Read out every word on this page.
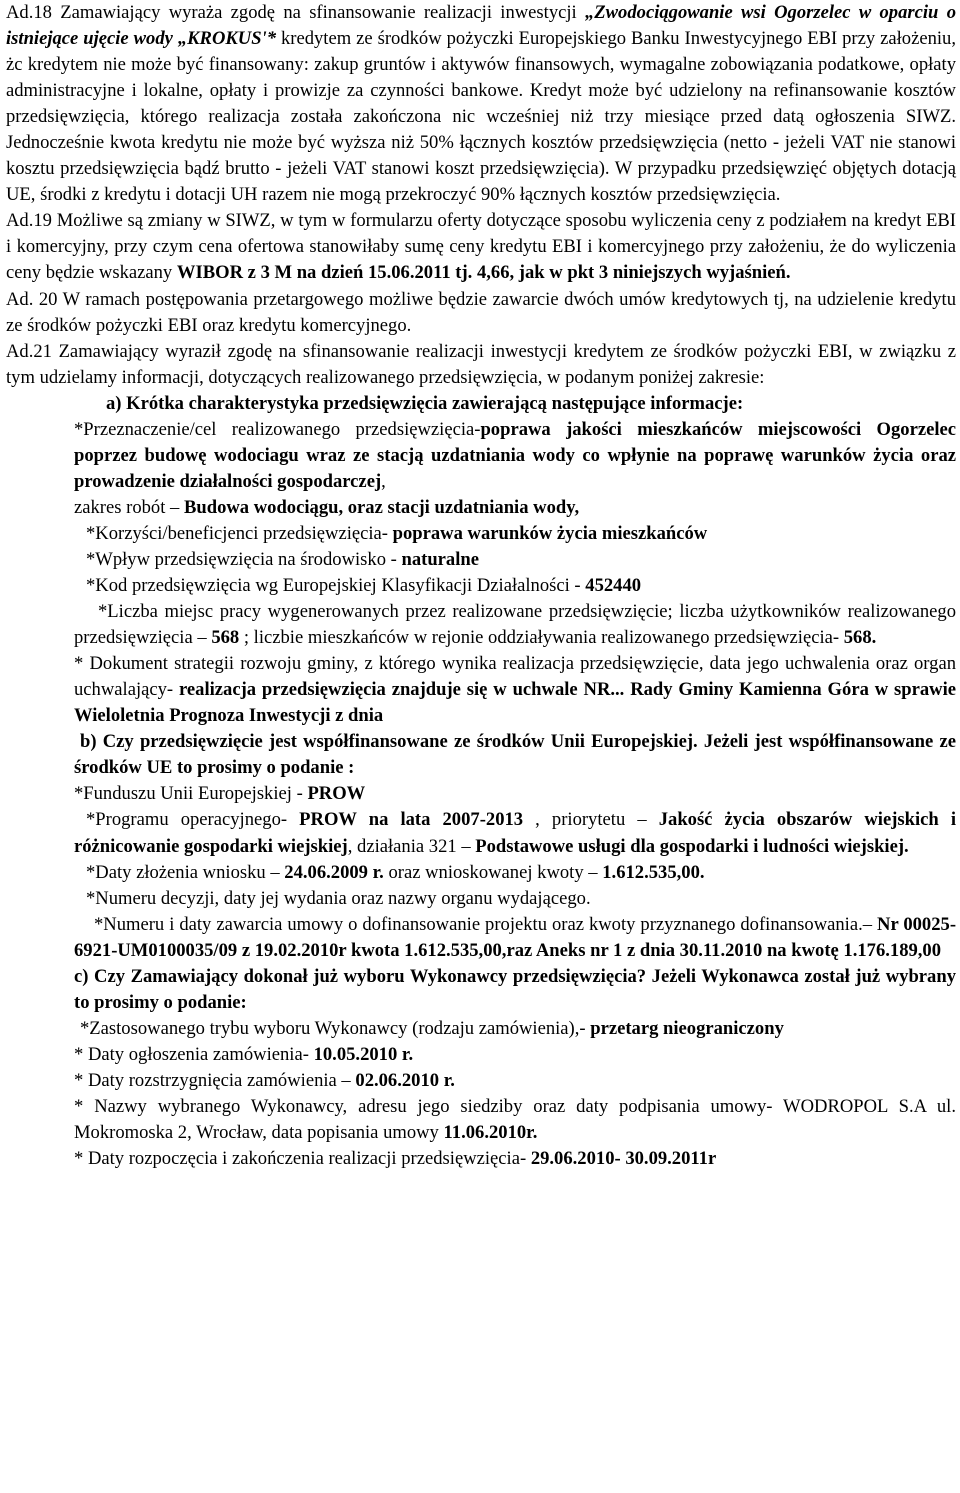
Ad.18 Zamawiający wyraża zgodę na sfinansowanie realizacji inwestycji „Zwodociągowanie wsi Ogorzelec w oparciu o istniejące ujęcie wody „KROKUS'* kredytem ze środków pożyczki Europejskiego Banku Inwestycyjnego EBI przy założeniu, żc kredytem nie może być finansowany: zakup gruntów i aktywów finansowych, wymagalne zobowiązania podatkowe, opłaty administracyjne i lokalne, opłaty i prowizje za czynności bankowe. Kredyt może być udzielony na refinansowanie kosztów przedsięwzięcia, którego realizacja została zakończona nic wcześniej niż trzy miesiące przed datą ogłoszenia SIWZ. Jednocześnie kwota kredytu nie może być wyższa niż 50% łącznych kosztów przedsięwzięcia (netto - jeżeli VAT nie stanowi kosztu przedsięwzięcia bądź brutto - jeżeli VAT stanowi koszt przedsięwzięcia). W przypadku przedsięwzięć objętych dotacją UE, środki z kredytu i dotacji UH razem nie mogą przekroczyć 90% łącznych kosztów przedsięwzięcia.

Ad.19 Możliwe są zmiany w SIWZ, w tym w formularzu oferty dotyczące sposobu wyliczenia ceny z podziałem na kredyt EBI i komercyjny, przy czym cena ofertowa stanowiłaby sumę ceny kredytu EBI i komercyjnego przy założeniu, że do wyliczenia ceny będzie wskazany WIBOR z 3 M na dzień 15.06.2011 tj. 4,66, jak w pkt 3 niniejszych wyjaśnień.

Ad. 20 W ramach postępowania przetargowego możliwe będzie zawarcie dwóch umów kredytowych tj, na udzielenie kredytu ze środków pożyczki EBI oraz kredytu komercyjnego.

Ad.21 Zamawiający wyraził zgodę na sfinansowanie realizacji inwestycji kredytem ze środków pożyczki EBI, w związku z tym udzielamy informacji, dotyczących realizowanego przedsięwzięcia, w podanym poniżej zakresie:

a) Krótka charakterystyka przedsięwzięcia zawierającą następujące informacje:

*Przeznaczenie/cel realizowanego przedsięwzięcia-poprawa jakości mieszkańców miejscowości Ogorzelec poprzez budowę wodociagu wraz ze stacją uzdatniania wody co wpłynie na poprawę warunków życia oraz prowadzenie działalności gospodarczej,

zakres robót – Budowa wodociągu, oraz stacji uzdatniania wody,

*Korzyści/beneficjenci przedsięwzięcia- poprawa warunków życia mieszkańców

*Wpływ przedsięwzięcia na środowisko - naturalne

*Kod przedsięwzięcia wg Europejskiej Klasyfikacji Działalności - 452440

*Liczba miejsc pracy wygenerowanych przez realizowane przedsięwzięcie; liczba użytkowników realizowanego przedsięwzięcia – 568 ; liczbie mieszkańców w rejonie oddziaływania realizowanego przedsięwzięcia- 568.

* Dokument strategii rozwoju gminy, z którego wynika realizacja przedsięwzięcie, data jego uchwalenia oraz organ uchwalający- realizacja przedsięwzięcia znajduje się w uchwale NR... Rady Gminy Kamienna Góra w sprawie Wieloletnia Prognoza Inwestycji z dnia

b) Czy przedsięwzięcie jest współfinansowane ze środków Unii Europejskiej. Jeżeli jest współfinansowane ze środków UE to prosimy o podanie :

*Funduszu Unii Europejskiej - PROW

*Programu operacyjnego- PROW na lata 2007-2013 , priorytetu – Jakość życia obszarów wiejskich i różnicowanie gospodarki wiejskiej, działania 321 – Podstawowe usługi dla gospodarki i ludności wiejskiej.

*Daty złożenia wniosku – 24.06.2009 r. oraz wnioskowanej kwoty – 1.612.535,00.

*Numeru decyzji, daty jej wydania oraz nazwy organu wydającego.

*Numeru i daty zawarcia umowy o dofinansowanie projektu oraz kwoty przyznanego dofinansowania.– Nr 00025-6921-UM0100035/09 z 19.02.2010r kwota 1.612.535,00,raz Aneks nr 1 z dnia 30.11.2010 na kwotę 1.176.189,00

c) Czy Zamawiający dokonał już wyboru Wykonawcy przedsięwzięcia? Jeżeli Wykonawca został już wybrany to prosimy o podanie:

*Zastosowanego trybu wyboru Wykonawcy (rodzaju zamówienia),- przetarg nieograniczony

* Daty ogłoszenia zamówienia- 10.05.2010 r.

* Daty rozstrzygnięcia zamówienia – 02.06.2010 r.

* Nazwy wybranego Wykonawcy, adresu jego siedziby oraz daty podpisania umowy- WODROPOL S.A ul. Mokromoska 2, Wrocław, data popisania umowy 11.06.2010r.

* Daty rozpoczęcia i zakończenia realizacji przedsięwzięcia- 29.06.2010- 30.09.2011r
